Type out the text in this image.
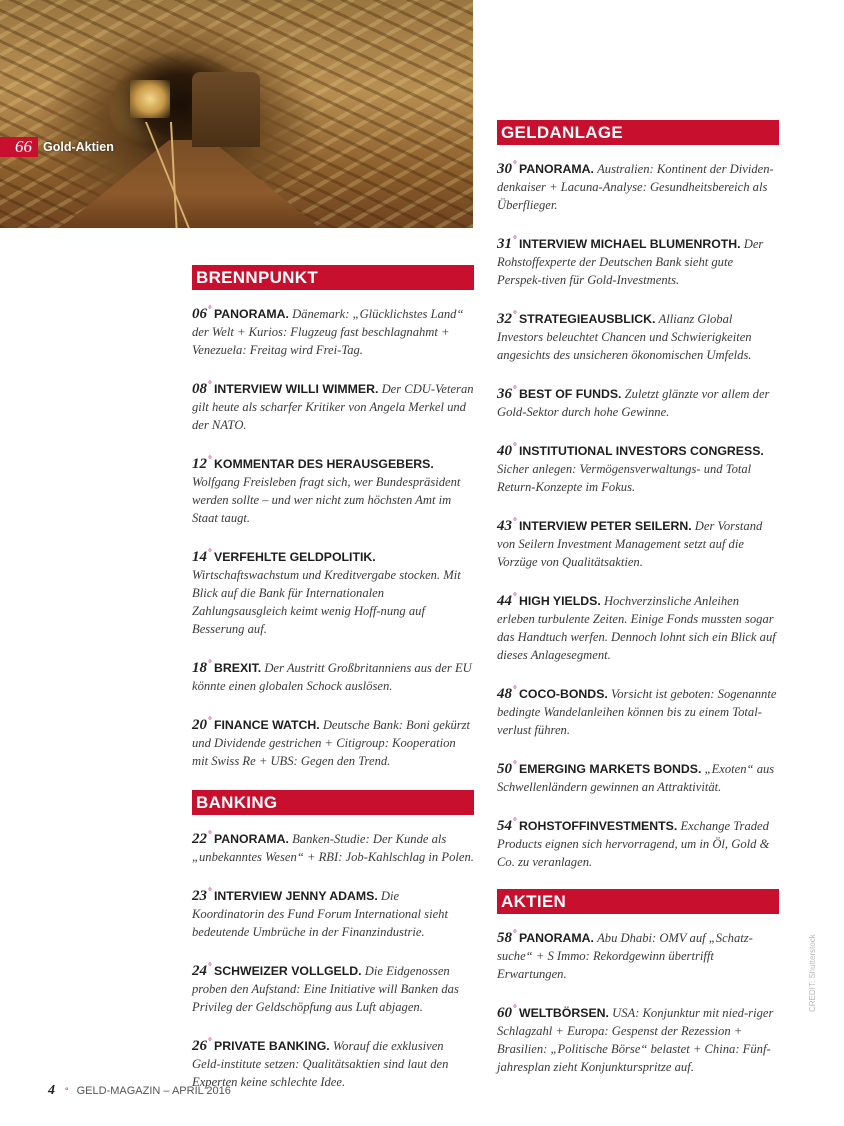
66 Gold-Aktien
BRENNPUNKT
06° PANORAMA. Dänemark: „Glücklichstes Land“ der Welt + Kurios: Flugzeug fast beschlagnahmt + Venezuela: Freitag wird Frei-Tag.
08° INTERVIEW WILLI WIMMER. Der CDU-Veteran gilt heute als scharfer Kritiker von Angela Merkel und der NATO.
12° KOMMENTAR DES HERAUSGEBERS. Wolfgang Freisleben fragt sich, wer Bundespräsident werden sollte – und wer nicht zum höchsten Amt im Staat taugt.
14° VERFEHLTE GELDPOLITIK. Wirtschaftswachstum und Kreditvergabe stocken. Mit Blick auf die Bank für Internationalen Zahlungsausgleich keimt wenig Hoff-nung auf Besserung auf.
18° BREXIT. Der Austritt Großbritanniens aus der EU könnte einen globalen Schock auslösen.
20° FINANCE WATCH. Deutsche Bank: Boni gekürzt und Dividende gestrichen + Citigroup: Kooperation mit Swiss Re + UBS: Gegen den Trend.
BANKING
22° PANORAMA. Banken-Studie: Der Kunde als „unbekanntes Wesen“ + RBI: Job-Kahlschlag in Polen.
23° INTERVIEW JENNY ADAMS. Die Koordinatorin des Fund Forum International sieht bedeutende Umbrüche in der Finanzindustrie.
24° SCHWEIZER VOLLGELD. Die Eidgenossen proben den Aufstand: Eine Initiative will Banken das Privileg der Geldschöpfung aus Luft abjagen.
26° PRIVATE BANKING. Worauf die exklusiven Geld-institute setzen: Qualitätsaktien sind laut den Experten keine schlechte Idee.
GELDANLAGE
30° PANORAMA. Australien: Kontinent der Dividen-denkaiser + Lacuna-Analyse: Gesundheitsbereich als Überflieger.
31° INTERVIEW MICHAEL BLUMENROTH. Der Rohstoffexperte der Deutschen Bank sieht gute Perspek-tiven für Gold-Investments.
32° STRATEGIEAUSBLICK. Allianz Global Investors beleuchtet Chancen und Schwierigkeiten angesichts des unsicheren ökonomischen Umfelds.
36° BEST OF FUNDS. Zuletzt glänzte vor allem der Gold-Sektor durch hohe Gewinne.
40° INSTITUTIONAL INVESTORS CONGRESS. Sicher anlegen: Vermögensverwaltungs- und Total Return-Konzepte im Fokus.
43° INTERVIEW PETER SEILERN. Der Vorstand von Seilern Investment Management setzt auf die Vorzüge von Qualitätsaktien.
44° HIGH YIELDS. Hochverzinsliche Anleihen erleben turbulente Zeiten. Einige Fonds mussten sogar das Handtuch werfen. Dennoch lohnt sich ein Blick auf dieses Anlagesegment.
48° COCO-BONDS. Vorsicht ist geboten: Sogenannte bedingte Wandelanleihen können bis zu einem Total-verlust führen.
50° EMERGING MARKETS BONDS. „Exoten“ aus Schwellenländern gewinnen an Attraktivität.
54° ROHSTOFFINVESTMENTS. Exchange Traded Products eignen sich hervorragend, um in Öl, Gold & Co. zu veranlagen.
AKTIEN
58° PANORAMA. Abu Dhabi: OMV auf „Schatz-suche“ + S Immo: Rekordgewinn übertrifft Erwartungen.
60° WELTBÖRSEN. USA: Konjunktur mit nied-riger Schlagzahl + Europa: Gespenst der Rezession + Brasilien: „Politische Börse“ belastet + China: Fünf-jahresplan zieht Konjunkturspritze auf.
CREDIT: Shutterstock
4 ° GELD-MAGAZIN – APRIL 2016
